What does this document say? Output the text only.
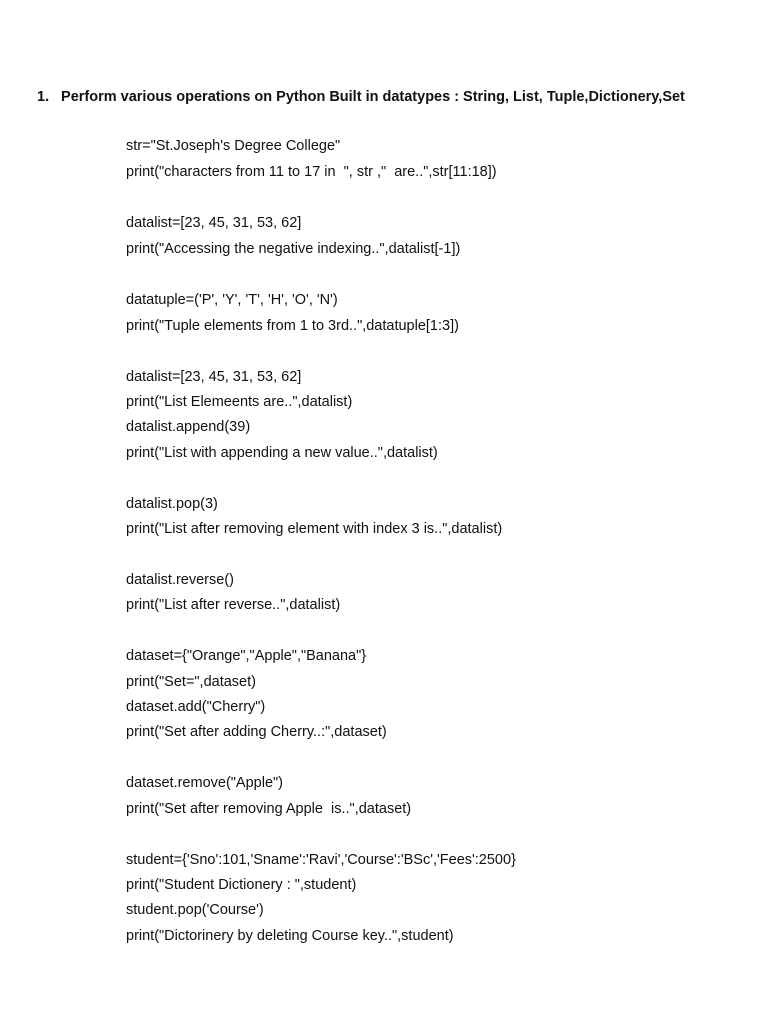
1. Perform various operations on Python Built in datatypes : String, List, Tuple,Dictionery,Set
str="St.Joseph's Degree College"
print("characters from 11 to 17 in  ", str ,"  are..",str[11:18])
datalist=[23, 45, 31, 53, 62]
print("Accessing the negative indexing..",datalist[-1])
datatuple=('P', 'Y', 'T', 'H', 'O', 'N')
print("Tuple elements from 1 to 3rd..",datatuple[1:3])
datalist=[23, 45, 31, 53, 62]
print("List Elemeents are..",datalist)
datalist.append(39)
print("List with appending a new value..",datalist)
datalist.pop(3)
print("List after removing element with index 3 is..",datalist)
datalist.reverse()
print("List after reverse..",datalist)
dataset={"Orange","Apple","Banana"}
print("Set=",dataset)
dataset.add("Cherry")
print("Set after adding Cherry..:",dataset)
dataset.remove("Apple")
print("Set after removing Apple  is..",dataset)
student={'Sno':101,'Sname':'Ravi','Course':'BSc','Fees':2500}
print("Student Dictionery : ",student)
student.pop('Course')
print("Dictorinery by deleting Course key..",student)
